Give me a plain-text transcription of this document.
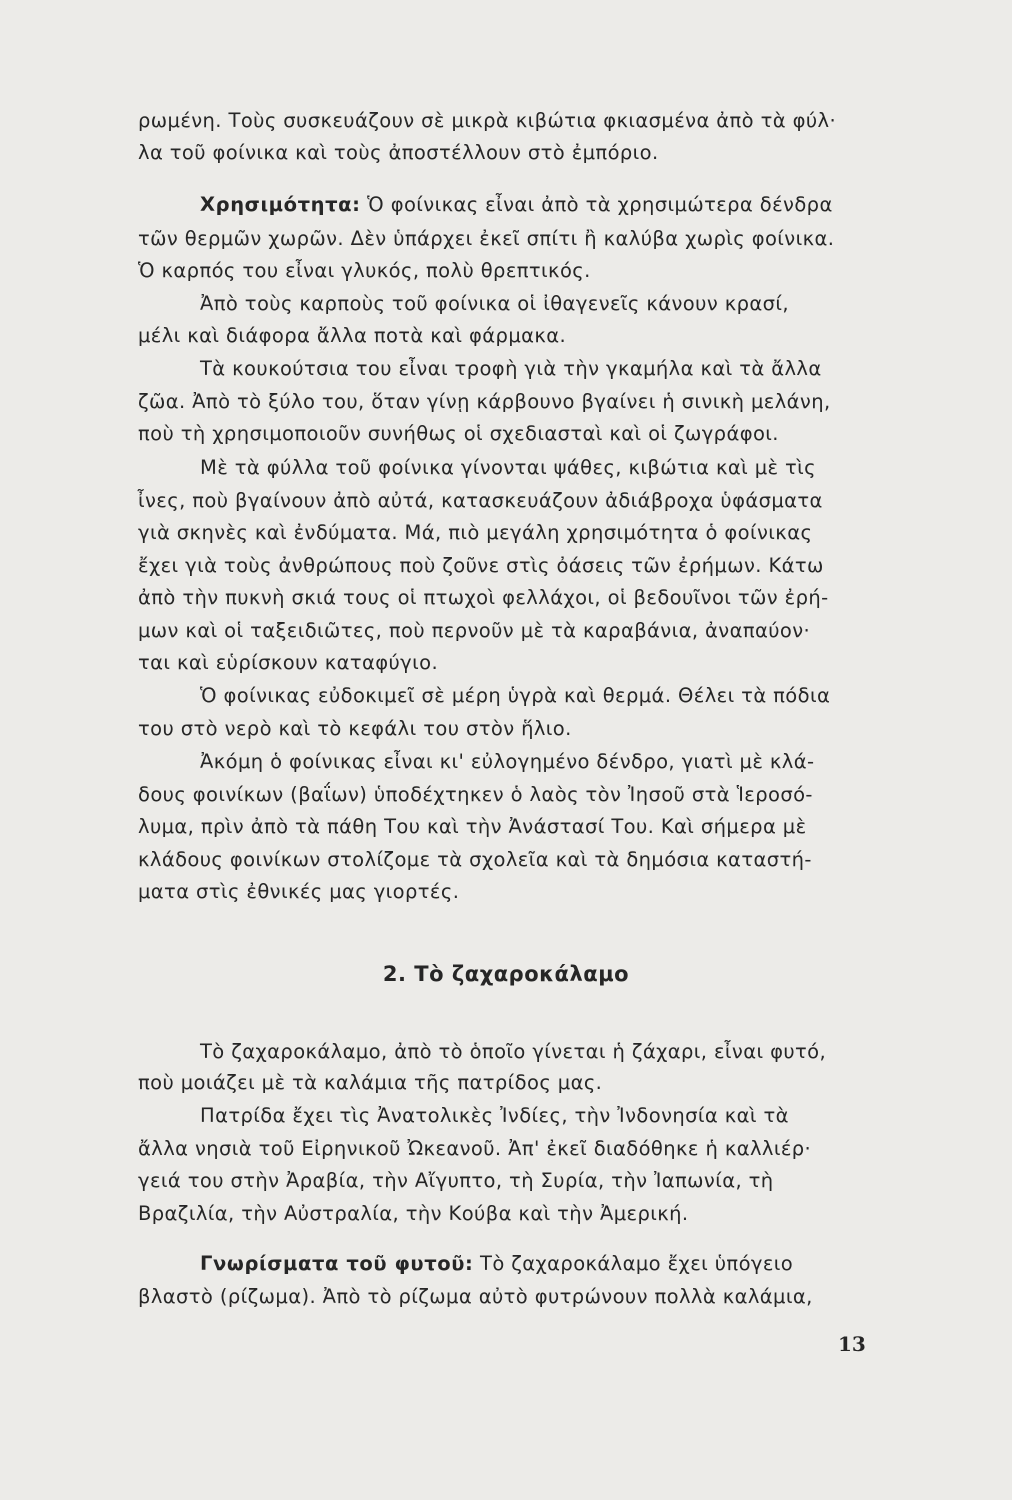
ρωμένη. Τοὺς συσκευάζουν σὲ μικρὰ κιβώτια φκιασμένα ἀπὸ τὰ φύλ·
λα τοῦ φοίνικα καὶ τοὺς ἀποστέλλουν στὸ ἐμπόριο.
Χρησιμότητα: Ὁ φοίνικας εἶναι ἀπὸ τὰ χρησιμώτερα δένδρα
τῶν θερμῶν χωρῶν. Δὲν ὑπάρχει ἐκεῖ σπίτι ἢ καλύβα χωρὶς φοίνικα.
Ὁ καρπός του εἶναι γλυκός, πολὺ θρεπτικός.
Ἀπὸ τοὺς καρποὺς τοῦ φοίνικα οἱ ἰθαγενεῖς κάνουν κρασί,
μέλι καὶ διάφορα ἄλλα ποτὰ καὶ φάρμακα.
Τὰ κουκούτσια του εἶναι τροφὴ γιὰ τὴν γκαμήλα καὶ τὰ ἄλλα
ζῶα. Ἀπὸ τὸ ξύλο του, ὅταν γίνῃ κάρβουνο βγαίνει ἡ σινικὴ μελάνη,
ποὺ τὴ χρησιμοποιοῦν συνήθως οἱ σχεδιασταὶ καὶ οἱ ζωγράφοι.
Μὲ τὰ φύλλα τοῦ φοίνικα γίνονται ψάθες, κιβώτια καὶ μὲ τὶς
ἶνες, ποὺ βγαίνουν ἀπὸ αὐτά, κατασκευάζουν ἀδιάβροχα ὑφάσματα
γιὰ σκηνὲς καὶ ἐνδύματα. Μά, πιὸ μεγάλη χρησιμότητα ὁ φοίνικας
ἔχει γιὰ τοὺς ἀνθρώπους ποὺ ζοῦνε στὶς ὀάσεις τῶν ἐρήμων. Κάτω
ἀπὸ τὴν πυκνὴ σκιά τους οἱ πτωχοὶ φελλάχοι, οἱ βεδουῖνοι τῶν ἐρή-
μων καὶ οἱ ταξειδιῶτες, ποὺ περνοῦν μὲ τὰ καραβάνια, ἀναπαύον·
ται καὶ εὑρίσκουν καταφύγιο.
Ὁ φοίνικας εὐδοκιμεῖ σὲ μέρη ὑγρὰ καὶ θερμά. Θέλει τὰ πόδια
του στὸ νερὸ καὶ τὸ κεφάλι του στὸν ἥλιο.
Ἀκόμη ὁ φοίνικας εἶναι κι' εὐλογημένο δένδρο, γιατὶ μὲ κλά-
δους φοινίκων (βαΐων) ὑποδέχτηκεν ὁ λαὸς τὸν Ἰησοῦ στὰ Ἱεροσό-
λυμα, πρὶν ἀπὸ τὰ πάθη Του καὶ τὴν Ἀνάστασί Του. Καὶ σήμερα μὲ
κλάδους φοινίκων στολίζομε τὰ σχολεῖα καὶ τὰ δημόσια καταστή-
ματα στὶς ἐθνικές μας γιορτές.
2. Τὸ ζαχαροκάλαμο
Τὸ ζαχαροκάλαμο, ἀπὸ τὸ ὁποῖο γίνεται ἡ ζάχαρι, εἶναι φυτό,
ποὺ μοιάζει μὲ τὰ καλάμια τῆς πατρίδος μας.
Πατρίδα ἔχει τὶς Ἀνατολικὲς Ἰνδίες, τὴν Ἰνδονησία καὶ τὰ
ἄλλα νησιὰ τοῦ Εἰρηνικοῦ Ὠκεανοῦ. Ἀπ' ἐκεῖ διαδόθηκε ἡ καλλιέρ·
γειά του στὴν Ἀραβία, τὴν Αἴγυπτο, τὴ Συρία, τὴν Ἰαπωνία, τὴ
Βραζιλία, τὴν Αὐστραλία, τὴν Κούβα καὶ τὴν Ἀμερική.
Γνωρίσματα τοῦ φυτοῦ: Τὸ ζαχαροκάλαμο ἔχει ὑπόγειο
βλαστὸ (ρίζωμα). Ἀπὸ τὸ ρίζωμα αὐτὸ φυτρώνουν πολλὰ καλάμια,
13
